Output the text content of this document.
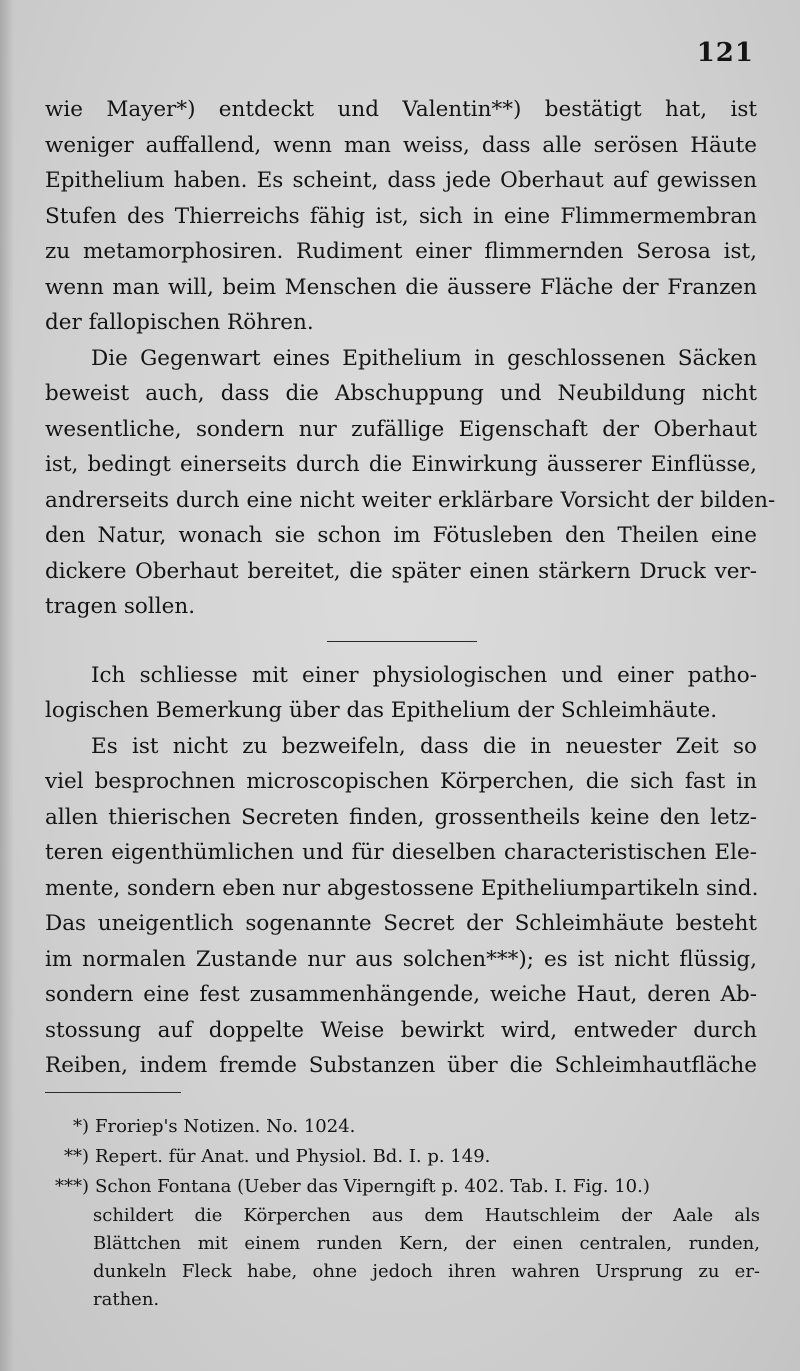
121
wie Mayer*) entdeckt und Valentin**) bestätigt hat, ist
weniger auffallend, wenn man weiss, dass alle serösen Häute
Epithelium haben. Es scheint, dass jede Oberhaut auf gewissen
Stufen des Thierreichs fähig ist, sich in eine Flimmermembran
zu metamorphosiren. Rudiment einer flimmernden Serosa ist,
wenn man will, beim Menschen die äussere Fläche der Franzen
der fallopischen Röhren.
Die Gegenwart eines Epithelium in geschlossenen Säcken
beweist auch, dass die Abschuppung und Neubildung nicht
wesentliche, sondern nur zufällige Eigenschaft der Oberhaut
ist, bedingt einerseits durch die Einwirkung äusserer Einflüsse,
andrerseits durch eine nicht weiter erklärbare Vorsicht der bilden-
den Natur, wonach sie schon im Fötusleben den Theilen eine
dickere Oberhaut bereitet, die später einen stärkern Druck ver-
tragen sollen.
Ich schliesse mit einer physiologischen und einer patho-
logischen Bemerkung über das Epithelium der Schleimhäute.
Es ist nicht zu bezweifeln, dass die in neuester Zeit so
viel besprochnen microscopischen Körperchen, die sich fast in
allen thierischen Secreten finden, grossentheils keine den letz-
teren eigenthümlichen und für dieselben characteristischen Ele-
mente, sondern eben nur abgestossene Epitheliumpartikeln sind.
Das uneigentlich sogenannte Secret der Schleimhäute besteht
im normalen Zustande nur aus solchen***); es ist nicht flüssig,
sondern eine fest zusammenhängende, weiche Haut, deren Ab-
stossung auf doppelte Weise bewirkt wird, entweder durch
Reiben, indem fremde Substanzen über die Schleimhautfläche
*) Froriep's Notizen. No. 1024.
**) Repert. für Anat. und Physiol. Bd. I. p. 149.
***) Schon Fontana (Ueber das Viperngift p. 402. Tab. I. Fig. 10.)
schildert die Körperchen aus dem Hautschleim der Aale als
Blättchen mit einem runden Kern, der einen centralen, runden,
dunkeln Fleck habe, ohne jedoch ihren wahren Ursprung zu er-
rathen.
